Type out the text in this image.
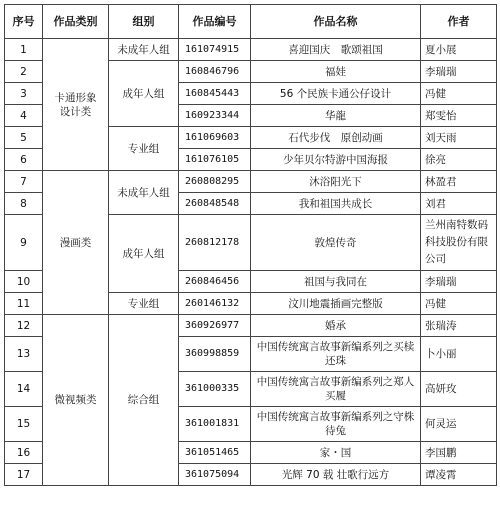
序号	作品类别	组别	作品编号	作品名称	作者
1	卡通形象设计类	未成年人组	161074915	喜迎国庆　歌颂祖国	夏小展
2		成年人组	160846796	福娃	李瑞瑞
3			160845443	56 个民族卡通公仔设计	冯健
4			160923344	华龍	郑雯怡
5		专业组	161069603	石代步伐　原创动画	刘天雨
6			161076105	少年贝尔特游中国海报	徐亮
7	漫画类	未成年人组	260808295	沐浴阳光下	林盈君
8			260848548	我和祖国共成长	刘君
9		成年人组	260812178	敦煌传奇	兰州南特数码科技股份有限公司
10			260846456	祖国与我同在	李瑞瑞
11		专业组	260146132	汶川地震插画完整版	冯健
12	微视频类	综合组	360926977	婚承	张瑞涛
13			360998859	中国传统寓言故事新编系列之买椟还珠	卜小丽
14			361000335	中国传统寓言故事新编系列之郑人买履	高妍玫
15			361001831	中国传统寓言故事新编系列之守株待兔	何灵运
16			361051465	家・国	李国鹏
17			361075094	光辉 70 载 壮歌行远方	谭凌霄
